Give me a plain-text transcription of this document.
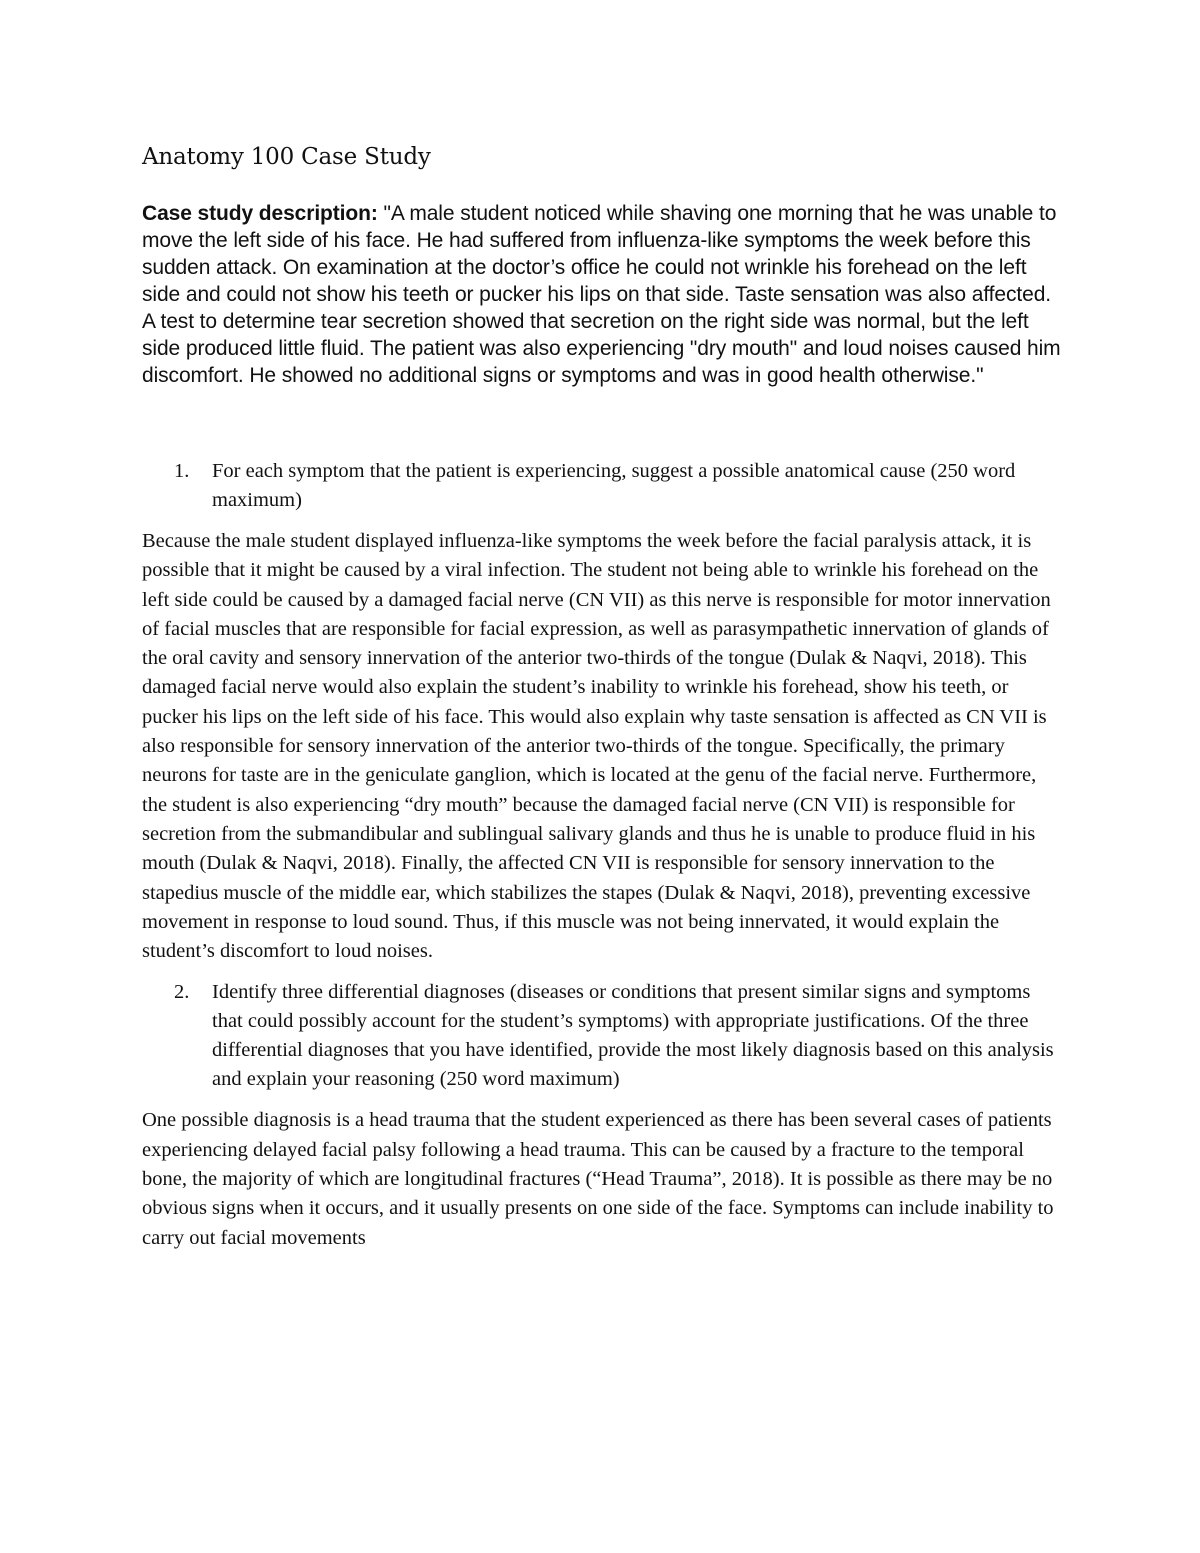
Anatomy 100 Case Study

Case study description: "A male student noticed while shaving one morning that he was unable to move the left side of his face. He had suffered from influenza-like symptoms the week before this sudden attack. On examination at the doctor’s office he could not wrinkle his forehead on the left side and could not show his teeth or pucker his lips on that side. Taste sensation was also affected. A test to determine tear secretion showed that secretion on the right side was normal, but the left side produced little fluid. The patient was also experiencing "dry mouth" and loud noises caused him discomfort. He showed no additional signs or symptoms and was in good health otherwise."

1.	For each symptom that the patient is experiencing, suggest a possible anatomical cause (250 word maximum)

Because the male student displayed influenza-like symptoms the week before the facial paralysis attack, it is possible that it might be caused by a viral infection. The student not being able to wrinkle his forehead on the left side could be caused by a damaged facial nerve (CN VII) as this nerve is responsible for motor innervation of facial muscles that are responsible for facial expression, as well as parasympathetic innervation of glands of the oral cavity and sensory innervation of the anterior two-thirds of the tongue (Dulak & Naqvi, 2018). This damaged facial nerve would also explain the student’s inability to wrinkle his forehead, show his teeth, or pucker his lips on the left side of his face. This would also explain why taste sensation is affected as CN VII is also responsible for sensory innervation of the anterior two-thirds of the tongue. Specifically, the primary neurons for taste are in the geniculate ganglion, which is located at the genu of the facial nerve. Furthermore, the student is also experiencing “dry mouth” because the damaged facial nerve (CN VII) is responsible for secretion from the submandibular and sublingual salivary glands and thus he is unable to produce fluid in his mouth (Dulak & Naqvi, 2018). Finally, the affected CN VII is responsible for sensory innervation to the stapedius muscle of the middle ear, which stabilizes the stapes (Dulak & Naqvi, 2018), preventing excessive movement in response to loud sound. Thus, if this muscle was not being innervated, it would explain the student’s discomfort to loud noises.

2.	Identify three differential diagnoses (diseases or conditions that present similar signs and symptoms that could possibly account for the student’s symptoms) with appropriate justifications. Of the three differential diagnoses that you have identified, provide the most likely diagnosis based on this analysis and explain your reasoning (250 word maximum)

One possible diagnosis is a head trauma that the student experienced as there has been several cases of patients experiencing delayed facial palsy following a head trauma. This can be caused by a fracture to the temporal bone, the majority of which are longitudinal fractures (“Head Trauma”, 2018). It is possible as there may be no obvious signs when it occurs, and it usually presents on one side of the face. Symptoms can include inability to carry out facial movements
